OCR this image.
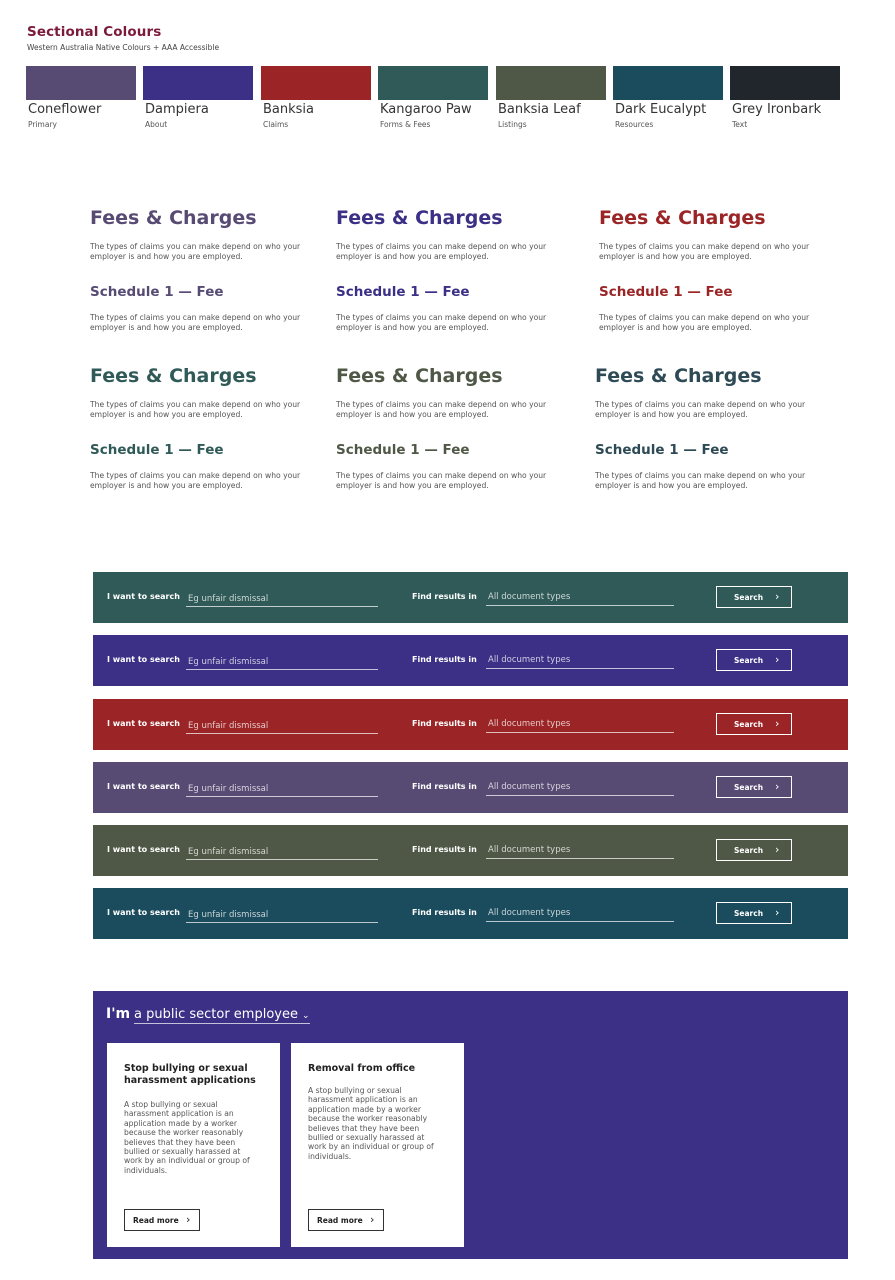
Sectional Colours
Western Australia Native Colours + AAA Accessible
Coneflower
Primary
Dampiera
About
Banksia
Claims
Kangaroo Paw
Forms & Fees
Banksia Leaf
Listings
Dark Eucalypt
Resources
Grey Ironbark
Text
Fees & Charges
The types of claims you can make depend on who your employer is and how you are employed.
Schedule 1 — Fee
The types of claims you can make depend on who your employer is and how you are employed.
Fees & Charges
The types of claims you can make depend on who your employer is and how you are employed.
Schedule 1 — Fee
The types of claims you can make depend on who your employer is and how you are employed.
Fees & Charges
The types of claims you can make depend on who your employer is and how you are employed.
Schedule 1 — Fee
The types of claims you can make depend on who your employer is and how you are employed.
Fees & Charges
The types of claims you can make depend on who your employer is and how you are employed.
Schedule 1 — Fee
The types of claims you can make depend on who your employer is and how you are employed.
Fees & Charges
The types of claims you can make depend on who your employer is and how you are employed.
Schedule 1 — Fee
The types of claims you can make depend on who your employer is and how you are employed.
Fees & Charges
The types of claims you can make depend on who your employer is and how you are employed.
Schedule 1 — Fee
The types of claims you can make depend on who your employer is and how you are employed.
I want to search
Eg unfair dismissal	Find results in All document types	Search ›
I want to search
Eg unfair dismissal	Find results in All document types	Search ›
I want to search
Eg unfair dismissal	Find results in All document types	Search ›
I want to search
Eg unfair dismissal	Find results in All document types	Search ›
I want to search
Eg unfair dismissal	Find results in All document types	Search ›
I want to search
Eg unfair dismissal	Find results in All document types	Search ›
I'm a public sector employee ⌄
Stop bullying or sexual harassment applications
A stop bullying or sexual harassment application is an application made by a worker because the worker reasonably believes that they have been bullied or sexually harassed at work by an individual or group of individuals.
Read more ›
Removal from office
A stop bullying or sexual harassment application is an application made by a worker because the worker reasonably believes that they have been bullied or sexually harassed at work by an individual or group of individuals.
Read more ›
